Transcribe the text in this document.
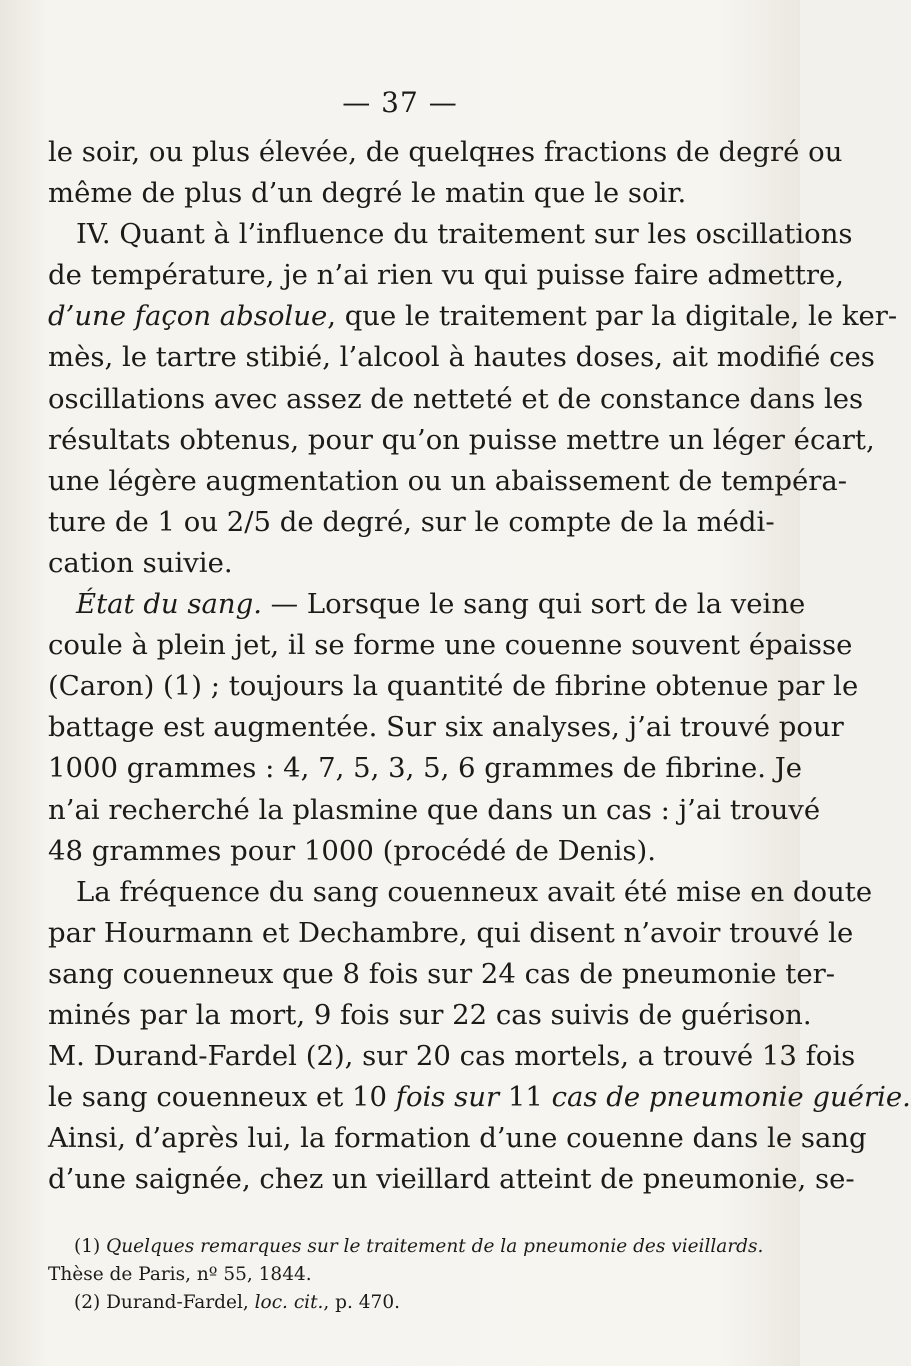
— 37 —
le soir, ou plus élevée, de quelqнes fractions de degré ou
même de plus d’un degré le matin que le soir.
IV. Quant à l’influence du traitement sur les oscillations
de température, je n’ai rien vu qui puisse faire admettre,
d’une façon absolue, que le traitement par la digitale, le ker-
mès, le tartre stibié, l’alcool à hautes doses, ait modifié ces
oscillations avec assez de netteté et de constance dans les
résultats obtenus, pour qu’on puisse mettre un léger écart,
une légère augmentation ou un abaissement de tempéra-
ture de 1 ou 2/5 de degré, sur le compte de la médi-
cation suivie.
État du sang. — Lorsque le sang qui sort de la veine
coule à plein jet, il se forme une couenne souvent épaisse
(Caron) (1) ; toujours la quantité de fibrine obtenue par le
battage est augmentée. Sur six analyses, j’ai trouvé pour
1000 grammes : 4, 7, 5, 3, 5, 6 grammes de fibrine. Je
n’ai recherché la plasmine que dans un cas : j’ai trouvé
48 grammes pour 1000 (procédé de Denis).
La fréquence du sang couenneux avait été mise en doute
par Hourmann et Dechambre, qui disent n’avoir trouvé le
sang couenneux que 8 fois sur 24 cas de pneumonie ter-
minés par la mort, 9 fois sur 22 cas suivis de guérison.
M. Durand-Fardel (2), sur 20 cas mortels, a trouvé 13 fois
le sang couenneux et 10 fois sur 11 cas de pneumonie guérie.
Ainsi, d’après lui, la formation d’une couenne dans le sang
d’une saignée, chez un vieillard atteint de pneumonie, se-
(1) Quelques remarques sur le traitement de la pneumonie des vieillards.
Thèse de Paris, nº 55, 1844.
(2) Durand-Fardel, loc. cit., p. 470.
